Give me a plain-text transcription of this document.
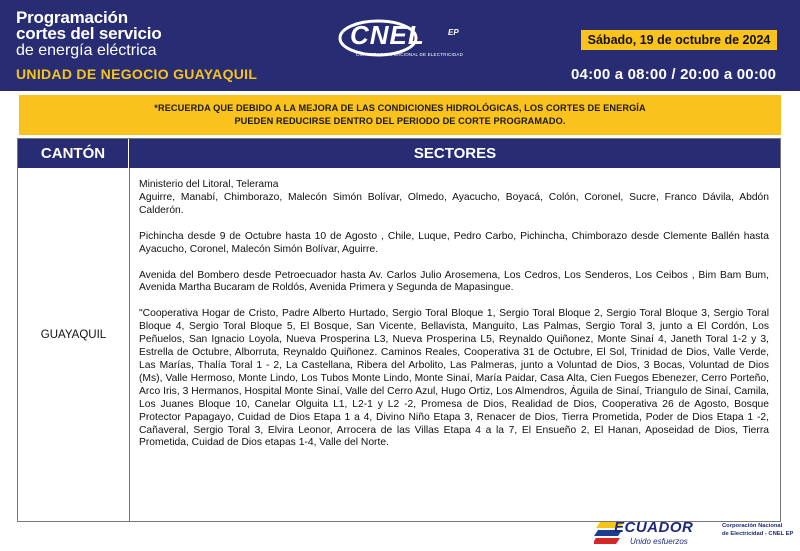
Programación
cortes del servicio
de energía eléctrica
UNIDAD DE NEGOCIO GUAYAQUIL
CNEL	EP
CORPORACIÓN NACIONAL DE ELECTRICIDAD
Sábado, 19 de octubre de 2024
04:00 a 08:00 / 20:00 a 00:00
*RECUERDA QUE DEBIDO A LA MEJORA DE LAS CONDICIONES HIDROLÓGICAS, LOS CORTES DE ENERGÍA
PUEDEN REDUCIRSE DENTRO DEL PERIODO DE CORTE PROGRAMADO.
CANTÓN	SECTORES
GUAYAQUIL

Ministerio del Litoral, Telerama
Aguirre, Manabí, Chimborazo, Malecón Simón Bolívar, Olmedo, Ayacucho, Boyacá, Colón, Coronel, Sucre, Franco Dávila, Abdón Calderón.

Pichincha desde 9 de Octubre hasta 10 de Agosto , Chile, Luque, Pedro Carbo, Pichincha, Chimborazo desde Clemente Ballén hasta Ayacucho, Coronel, Malecón Simón Bolívar, Aguirre.

Avenida del Bombero desde Petroecuador hasta Av. Carlos Julio Arosemena, Los Cedros, Los Senderos, Los Ceibos , Bim Bam Bum, Avenida Martha Bucaram de Roldós, Avenida Primera y Segunda de Mapasingue.

"Cooperativa Hogar de Cristo, Padre Alberto Hurtado, Sergio Toral Bloque 1, Sergio Toral Bloque 2, Sergio Toral Bloque 3, Sergio Toral Bloque 4, Sergio Toral Bloque 5, El Bosque, San Vicente, Bellavista, Manguito, Las Palmas, Sergio Toral 3, junto a El Cordón, Los Peñuelos, San Ignacio Loyola, Nueva Prosperina L3, Nueva Prosperina L5, Reynaldo Quiñonez, Monte Sinaí 4, Janeth Toral 1-2 y 3, Estrella de Octubre, Alborruta, Reynaldo Quiñonez. Caminos Reales, Cooperativa 31 de Octubre, El Sol, Trinidad de Dios, Valle Verde, Las Marías, Thalía Toral 1 - 2, La Castellana, Ribera del Arbolito, Las Palmeras, junto a Voluntad de Dios, 3 Bocas, Voluntad de Dios (Ms), Valle Hermoso, Monte Lindo, Los Tubos Monte Lindo, Monte Sinaí, María Paidar, Casa Alta, Cien Fuegos Ebenezer, Cerro Porteño, Arco Iris, 3 Hermanos, Hospital Monte Sinaí, Valle del Cerro Azul, Hugo Ortiz, Los Almendros, Águila de Sinaí, Triangulo de Sinaí, Camila, Los Juanes Bloque 10, Canelar Olguita L1, L2-1 y L2 -2, Promesa de Dios, Realidad de Dios, Cooperativa 26 de Agosto, Bosque Protector Papagayo, Cuidad de Dios Etapa 1 a 4, Divino Niño Etapa 3, Renacer de Dios, Tierra Prometida, Poder de Dios Etapa 1 -2, Cañaveral, Sergio Toral 3, Elvira Leonor, Arrocera de las Villas Etapa 4 a la 7, El Ensueño 2, El Hanan, Aposeidad de Dios, Tierra Prometida, Cuidad de Dios etapas 1-4, Valle del Norte.

ECUADOR
Unido esfuerzos
Corporación Nacional
de Electricidad - CNEL EP
